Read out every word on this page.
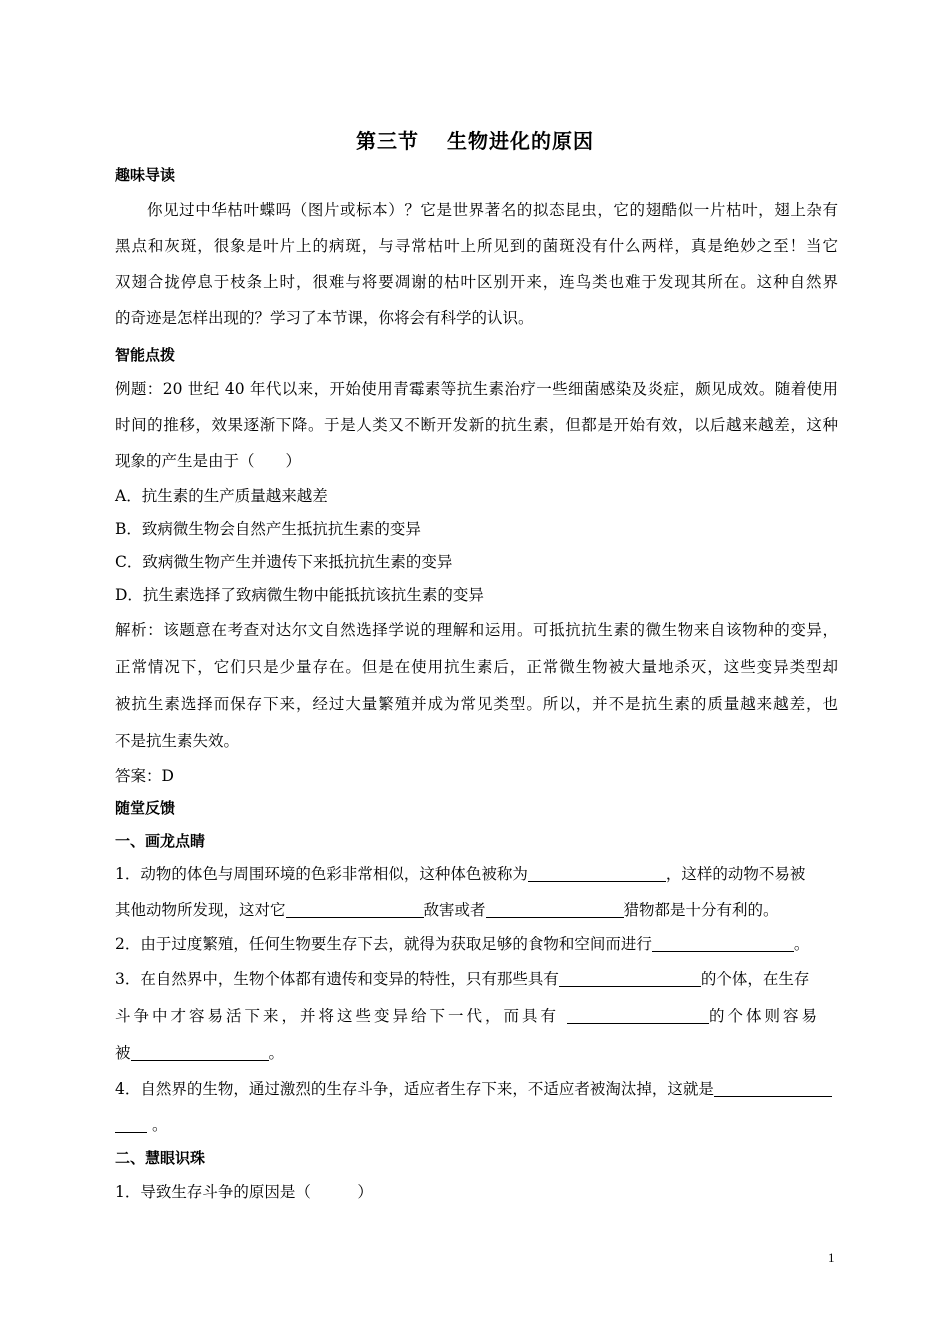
第三节 生物进化的原因
趣味导读
你见过中华枯叶蝶吗（图片或标本）？它是世界著名的拟态昆虫，它的翅酷似一片枯叶，翅上杂有
黑点和灰斑，很象是叶片上的病斑，与寻常枯叶上所见到的菌斑没有什么两样，真是绝妙之至！当它
双翅合拢停息于枝条上时，很难与将要凋谢的枯叶区别开来，连鸟类也难于发现其所在。这种自然界
的奇迹是怎样出现的？学习了本节课，你将会有科学的认识。
智能点拨
例题：20 世纪 40 年代以来，开始使用青霉素等抗生素治疗一些细菌感染及炎症，颇见成效。随着使用
时间的推移，效果逐渐下降。于是人类又不断开发新的抗生素，但都是开始有效，以后越来越差，这种
现象的产生是由于（　　）
A．抗生素的生产质量越来越差
B．致病微生物会自然产生抵抗抗生素的变异
C．致病微生物产生并遗传下来抵抗抗生素的变异
D．抗生素选择了致病微生物中能抵抗该抗生素的变异
解析：该题意在考查对达尔文自然选择学说的理解和运用。可抵抗抗生素的微生物来自该物种的变异，
正常情况下，它们只是少量存在。但是在使用抗生素后，正常微生物被大量地杀灭，这些变异类型却
被抗生素选择而保存下来，经过大量繁殖并成为常见类型。所以，并不是抗生素的质量越来越差，也
不是抗生素失效。
答案：D
随堂反馈
一、画龙点睛
1．动物的体色与周围环境的色彩非常相似，这种体色被称为	，这样的动物不易被
其他动物所发现，这对它	敌害或者	猎物都是十分有利的。
2．由于过度繁殖，任何生物要生存下去，就得为获取足够的食物和空间而进行	。
3．在自然界中，生物个体都有遗传和变异的特性，只有那些具有	的个体，在生存
斗争中才容易活下来，并将这些变异给下一代，而具有	的个体则容易
被	。
4．自然界的生物，通过激烈的生存斗争，适应者生存下来，不适应者被淘汰掉，这就是
。
二、慧眼识珠
1．导致生存斗争的原因是（　　　）
1
